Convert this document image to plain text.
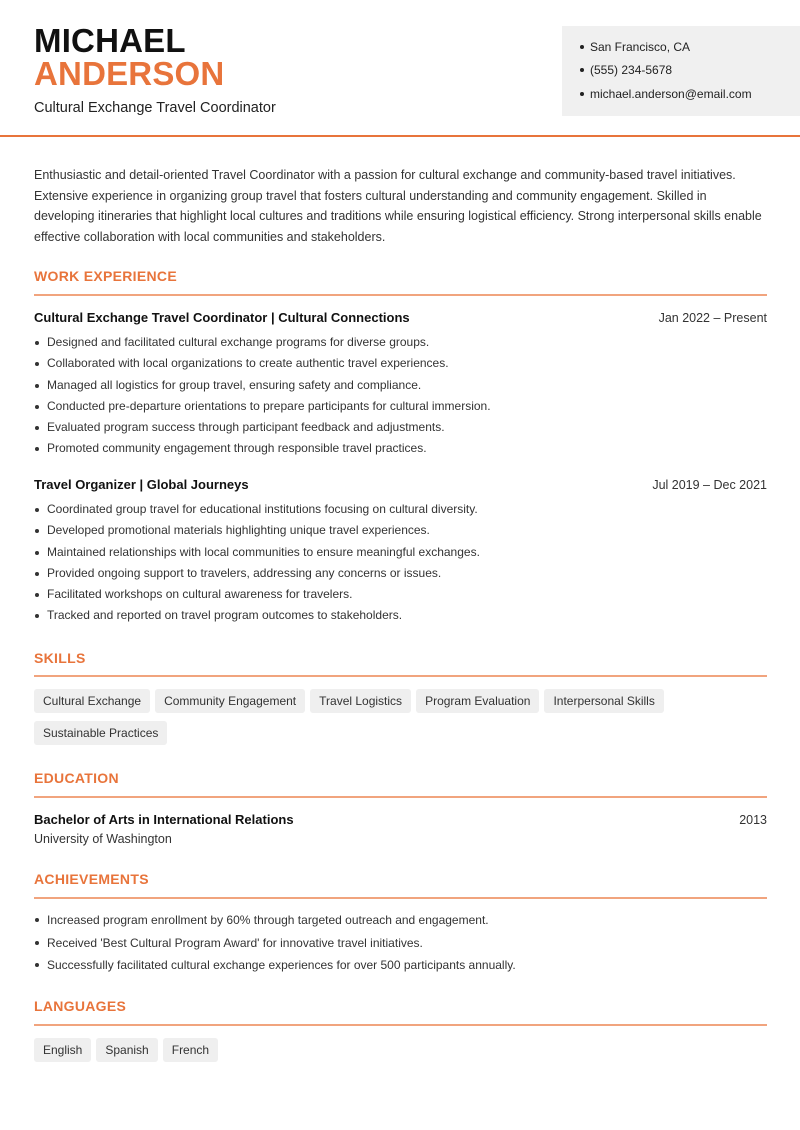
MICHAEL
ANDERSON
Cultural Exchange Travel Coordinator
San Francisco, CA
(555) 234-5678
michael.anderson@email.com

Enthusiastic and detail-oriented Travel Coordinator with a passion for cultural exchange and community-based travel initiatives. Extensive experience in organizing group travel that fosters cultural understanding and community engagement. Skilled in developing itineraries that highlight local cultures and traditions while ensuring logistical efficiency. Strong interpersonal skills enable effective collaboration with local communities and stakeholders.

WORK EXPERIENCE
Cultural Exchange Travel Coordinator | Cultural Connections	Jan 2022 – Present
Designed and facilitated cultural exchange programs for diverse groups.
Collaborated with local organizations to create authentic travel experiences.
Managed all logistics for group travel, ensuring safety and compliance.
Conducted pre-departure orientations to prepare participants for cultural immersion.
Evaluated program success through participant feedback and adjustments.
Promoted community engagement through responsible travel practices.
Travel Organizer | Global Journeys	Jul 2019 – Dec 2021
Coordinated group travel for educational institutions focusing on cultural diversity.
Developed promotional materials highlighting unique travel experiences.
Maintained relationships with local communities to ensure meaningful exchanges.
Provided ongoing support to travelers, addressing any concerns or issues.
Facilitated workshops on cultural awareness for travelers.
Tracked and reported on travel program outcomes to stakeholders.
SKILLS
Cultural Exchange Community Engagement Travel Logistics Program Evaluation Interpersonal Skills
Sustainable Practices
EDUCATION
Bachelor of Arts in International Relations	2013
University of Washington
ACHIEVEMENTS
Increased program enrollment by 60% through targeted outreach and engagement.
Received 'Best Cultural Program Award' for innovative travel initiatives.
Successfully facilitated cultural exchange experiences for over 500 participants annually.
LANGUAGES
English Spanish French
